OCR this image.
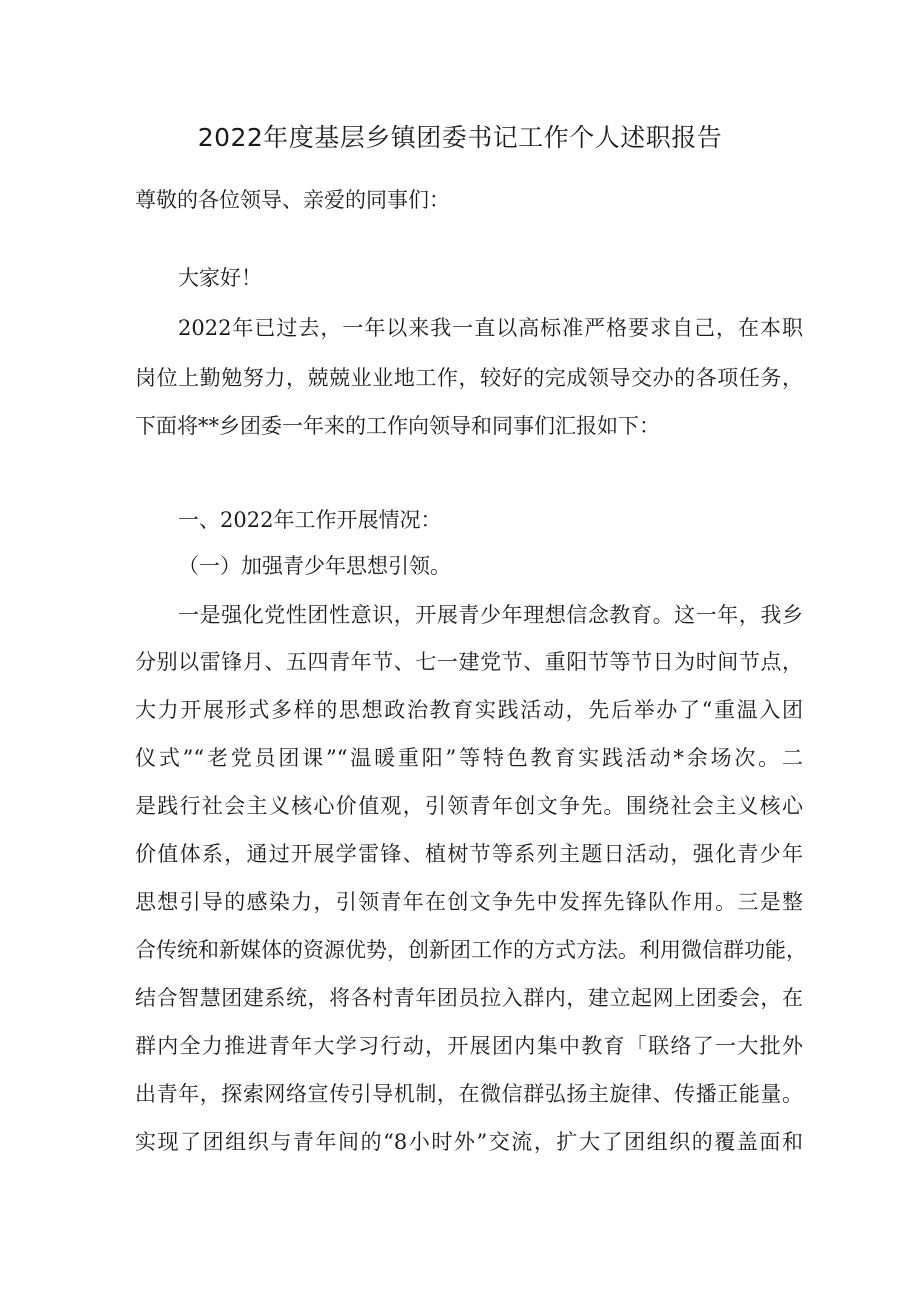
2022年度基层乡镇团委书记工作个人述职报告

尊敬的各位领导、亲爱的同事们：

大家好！

2022年已过去，一年以来我一直以高标准严格要求自己，在本职

岗位上勤勉努力，兢兢业业地工作，较好的完成领导交办的各项任务，

下面将**乡团委一年来的工作向领导和同事们汇报如下：

一、2022年工作开展情况：

（一）加强青少年思想引领。

一是强化党性团性意识，开展青少年理想信念教育。这一年，我乡

分别以雷锋月、五四青年节、七一建党节、重阳节等节日为时间节点，

大力开展形式多样的思想政治教育实践活动，先后举办了“重温入团

仪式”“老党员团课”“温暖重阳”等特色教育实践活动*余场次。二

是践行社会主义核心价值观，引领青年创文争先。围绕社会主义核心

价值体系，通过开展学雷锋、植树节等系列主题日活动，强化青少年

思想引导的感染力，引领青年在创文争先中发挥先锋队作用。三是整

合传统和新媒体的资源优势，创新团工作的方式方法。利用微信群功能，

结合智慧团建系统，将各村青年团员拉入群内，建立起网上团委会，在

群内全力推进青年大学习行动，开展团内集中教育「联络了一大批外

出青年，探索网络宣传引导机制，在微信群弘扬主旋律、传播正能量。

实现了团组织与青年间的“8小时外”交流，扩大了团组织的覆盖面和
